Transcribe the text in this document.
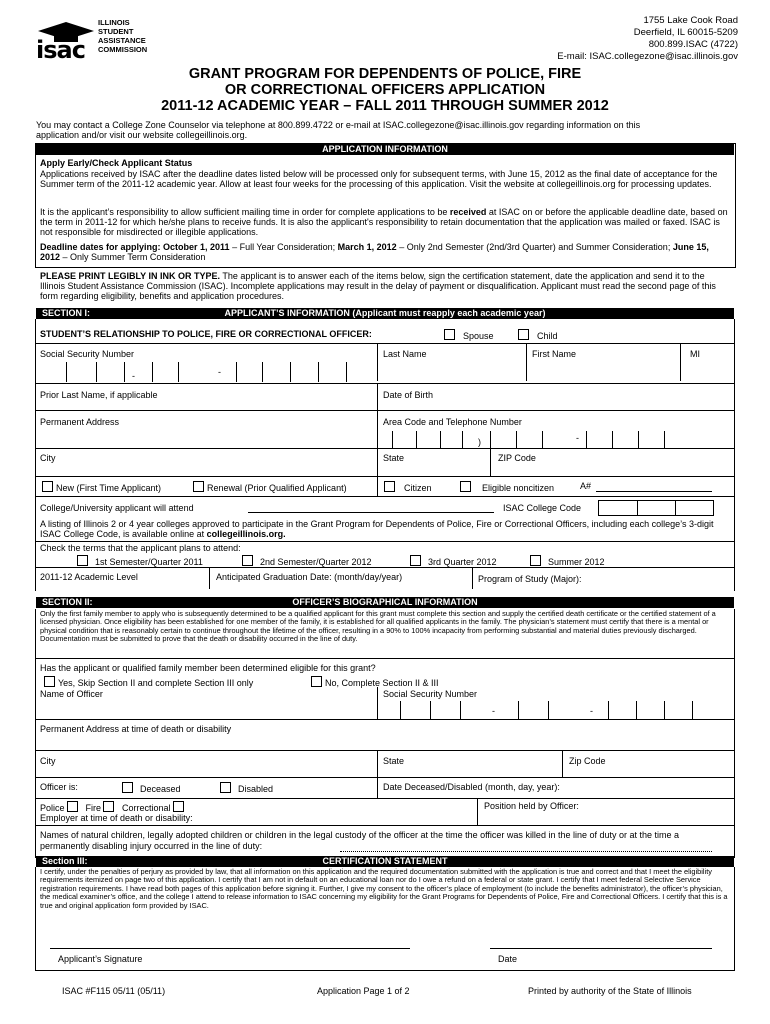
isac
ILLINOIS
STUDENT
ASSISTANCE
COMMISSION
1755 Lake Cook Road
Deerfield, IL 60015-5209
800.899.ISAC (4722)
E-mail: ISAC.collegezone@isac.illinois.gov
GRANT PROGRAM FOR DEPENDENTS OF POLICE, FIRE
OR CORRECTIONAL OFFICERS APPLICATION
2011-12 ACADEMIC YEAR – FALL 2011 THROUGH SUMMER 2012
You may contact a College Zone Counselor via telephone at 800.899.4722 or e-mail at ISAC.collegezone@isac.illinois.gov regarding information on this
application and/or visit our website collegeillinois.org.
APPLICATION INFORMATION
Apply Early/Check Applicant Status
Applications received by ISAC after the deadline dates listed below will be processed only for subsequent terms, with June 15, 2012 as the final date of acceptance for the Summer term of the 2011-12 academic year. Allow at least four weeks for the processing of this application. Visit the website at collegeillinois.org for processing updates.
It is the applicant’s responsibility to allow sufficient mailing time in order for complete applications to be received at ISAC on or before the applicable deadline date, based on the term in 2011-12 for which he/she plans to receive funds. It is also the applicant's responsibility to retain documentation that the application was mailed or faxed. ISAC is not responsible for misdirected or illegible applications.
Deadline dates for applying: October 1, 2011 – Full Year Consideration; March 1, 2012 – Only 2nd Semester (2nd/3rd Quarter) and Summer Consideration; June 15, 2012 – Only Summer Term Consideration
PLEASE PRINT LEGIBLY IN INK OR TYPE. The applicant is to answer each of the items below, sign the certification statement, date the application and send it to the Illinois Student Assistance Commission (ISAC). Incomplete applications may result in the delay of payment or disqualification. Applicant must read the second page of this form regarding eligibility, benefits and application procedures.
SECTION I:	APPLICANT’S INFORMATION (Applicant must reapply each academic year)
STUDENT’S RELATIONSHIP TO POLICE, FIRE OR CORRECTIONAL OFFICER:	Spouse	Child
Social Security Number	Last Name	First Name	MI
-	-
Prior Last Name, if applicable	Date of Birth
Permanent Address	Area Code and Telephone Number
)	-
City	State	ZIP Code
New (First Time Applicant)	Renewal (Prior Qualified Applicant)	Citizen	Eligible noncitizen	A#
College/University applicant will attend	ISAC College Code
A listing of Illinois 2 or 4 year colleges approved to participate in the Grant Program for Dependents of Police, Fire or Correctional Officers, including each college’s 3-digit ISAC College Code, is available online at collegeillinois.org.
Check the terms that the applicant plans to attend:
1st Semester/Quarter 2011	2nd Semester/Quarter 2012	3rd Quarter 2012	Summer 2012
2011-12 Academic Level	Anticipated Graduation Date: (month/day/year)	Program of Study (Major):
SECTION II:	OFFICER’S BIOGRAPHICAL INFORMATION
Only the first family member to apply who is subsequently determined to be a qualified applicant for this grant must complete this section and supply the certified death certificate or the certified statement of a licensed physician. Once eligibility has been established for one member of the family, it is established for all qualified applicants in the family. The physician’s statement must certify that there is a mental or physical condition that is reasonably certain to continue throughout the lifetime of the officer, resulting in a 90% to 100% incapacity from performing substantial and material duties previously discharged. Documentation must be submitted to prove that the death or disability occurred in the line of duty.
Has the applicant or qualified family member been determined eligible for this grant?
Yes, Skip Section II and complete Section III only	No, Complete Section II & III
Name of Officer	Social Security Number
-	-
Permanent Address at time of death or disability
City	State	Zip Code
Officer is:	Deceased	Disabled	Date Deceased/Disabled (month, day, year):
Police Fire Correctional	Position held by Officer:
Employer at time of death or disability:
Names of natural children, legally adopted children or children in the legal custody of the officer at the time the officer was killed in the line of duty or at the time a permanently disabling injury occurred in the line of duty:
Section III:	CERTIFICATION STATEMENT
I certify, under the penalties of perjury as provided by law, that all information on this application and the required documentation submitted with the application is true and correct and that I meet the eligibility requirements itemized on page two of this application. I certify that I am not in default on an educational loan nor do I owe a refund on a federal or state grant. I certify that I meet federal Selective Service registration requirements. I have read both pages of this application before signing it. Further, I give my consent to the officer’s place of employment (to include the benefits administrator), the officer’s physician, the medical examiner’s office, and the college I attend to release information to ISAC concerning my eligibility for the Grant Programs for Dependents of Police, Fire and Correctional Officers. I certify that this is a true and original application form provided by ISAC.
Applicant’s Signature	Date
ISAC #F115 05/11 (05/11)	Application Page 1 of 2	Printed by authority of the State of Illinois
